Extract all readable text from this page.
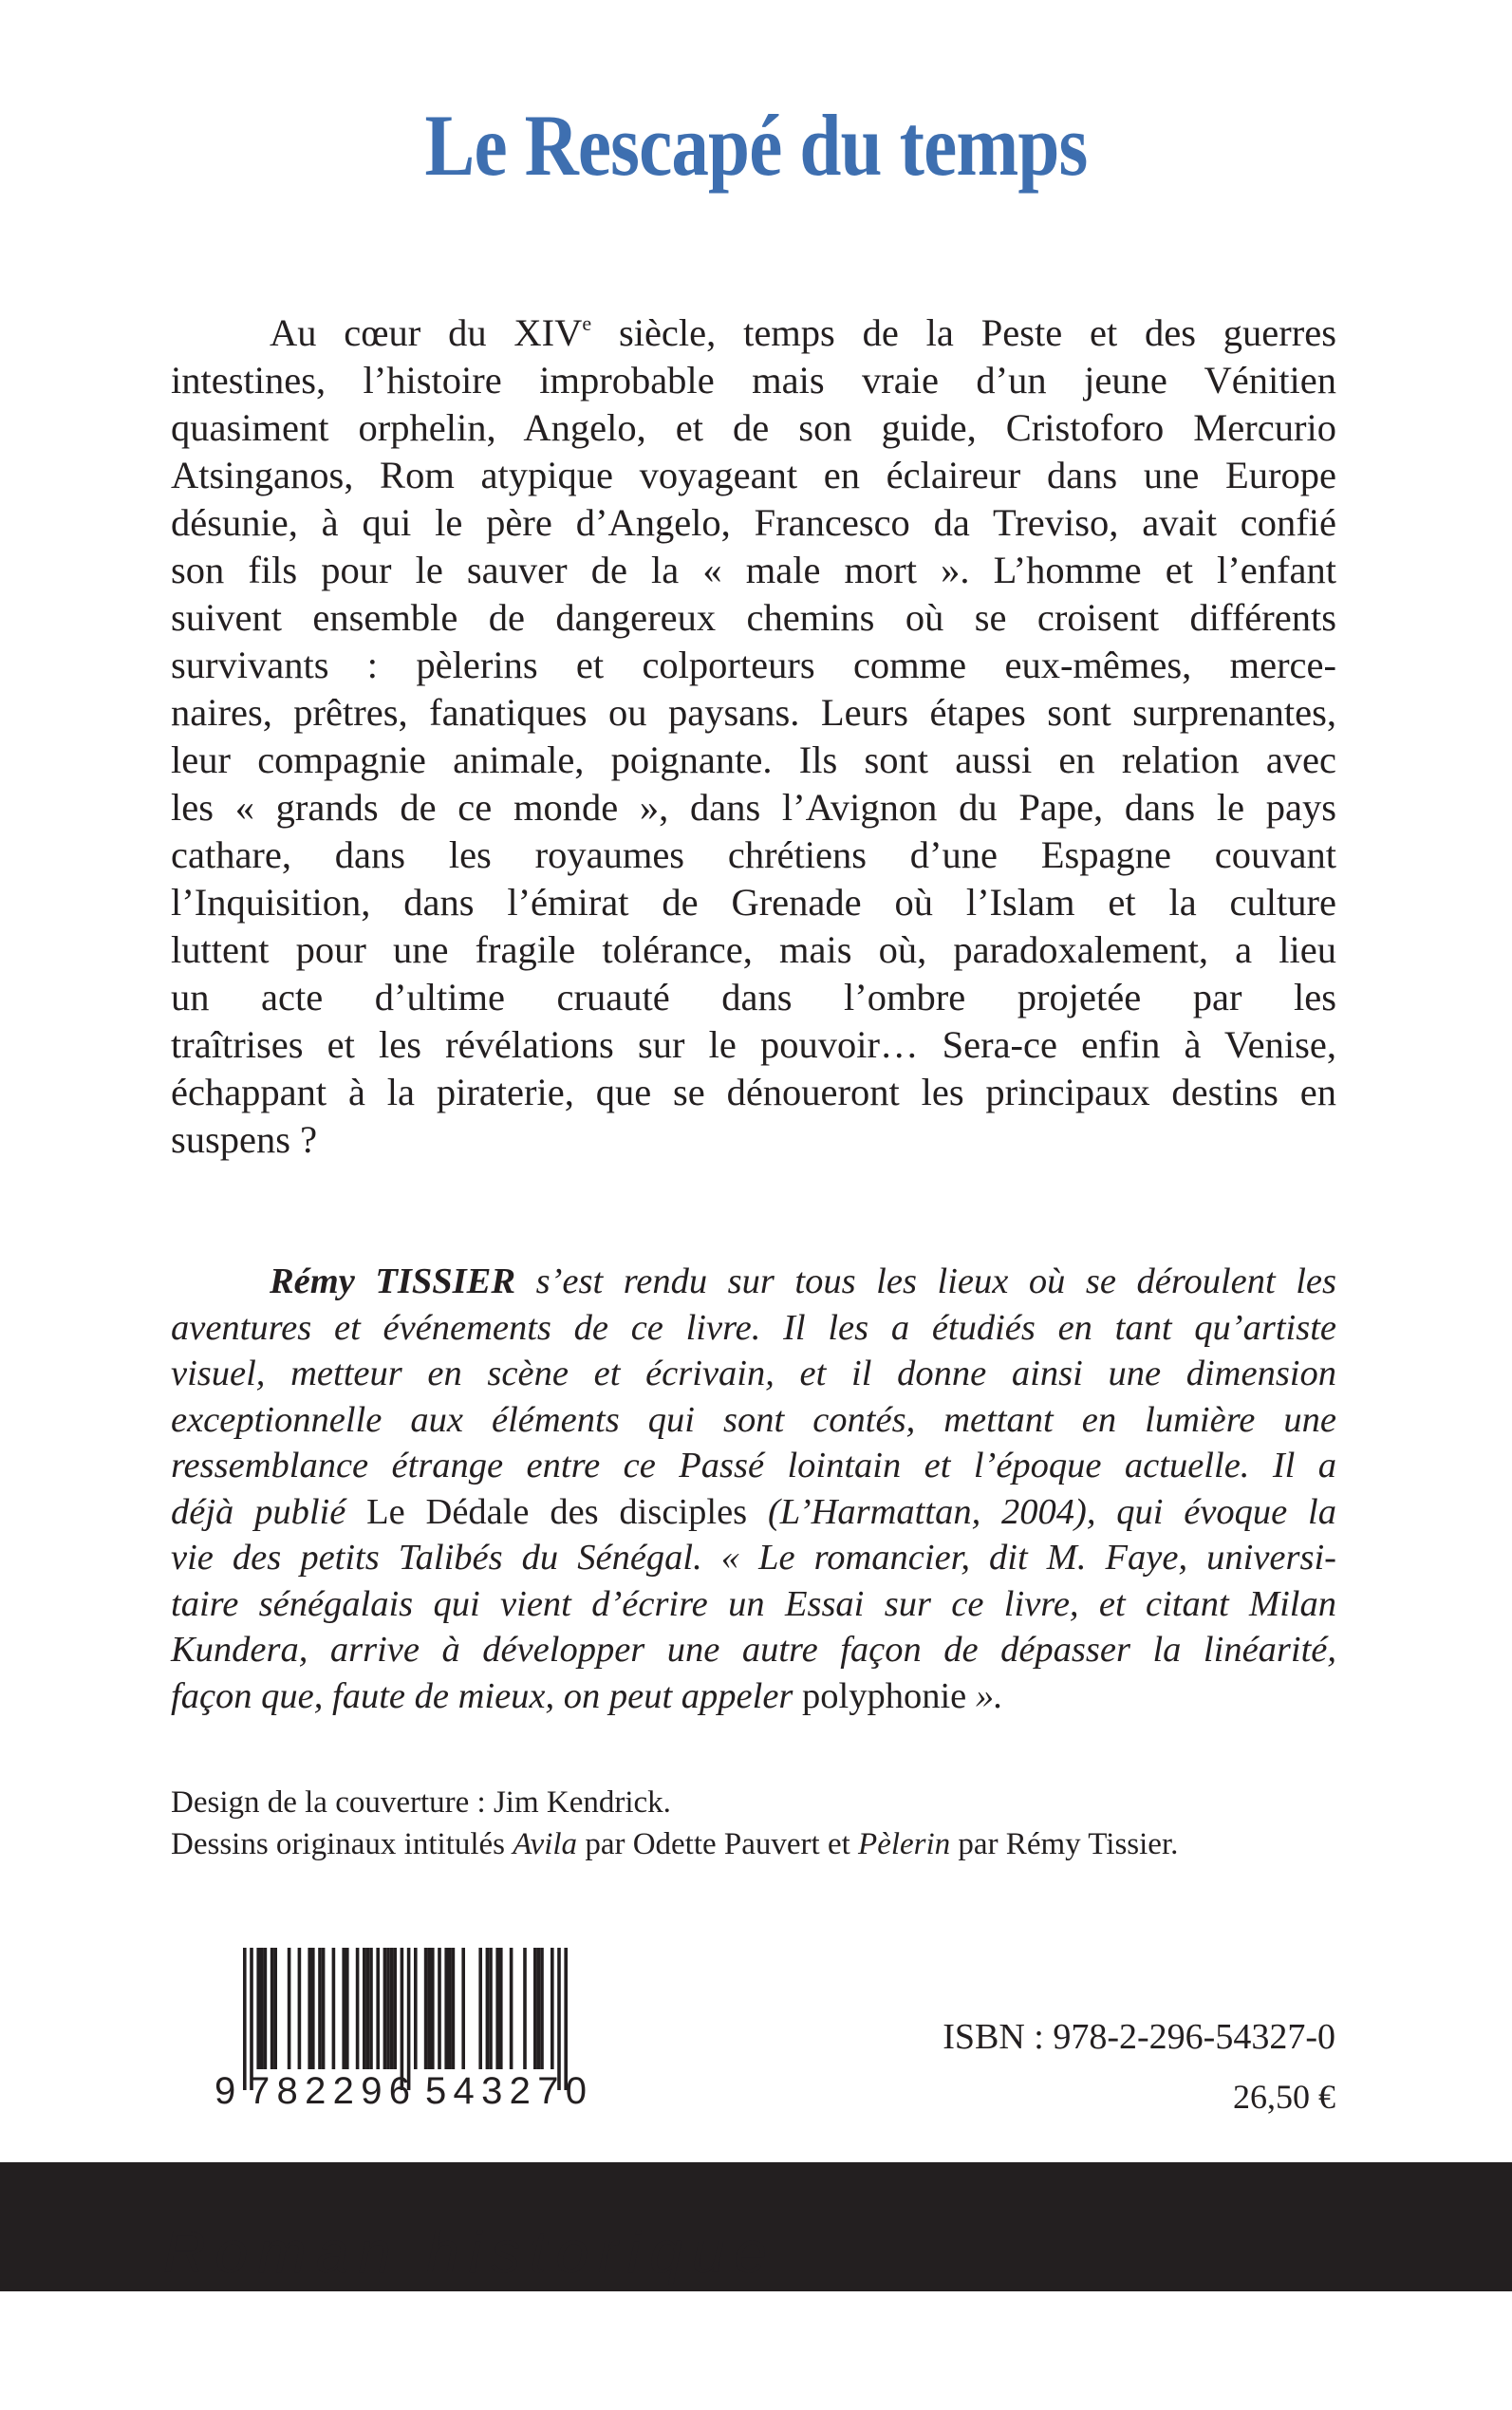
Le Rescapé du temps
Au cœur du XIVe siècle, temps de la Peste et des guerres
intestines, l’histoire improbable mais vraie d’un jeune Vénitien
quasiment orphelin, Angelo, et de son guide, Cristoforo Mercurio
Atsinganos, Rom atypique voyageant en éclaireur dans une Europe
désunie, à qui le père d’Angelo, Francesco da Treviso, avait confié
son fils pour le sauver de la « male mort ». L’homme et l’enfant
suivent ensemble de dangereux chemins où se croisent différents
survivants : pèlerins et colporteurs comme eux-mêmes, merce-
naires, prêtres, fanatiques ou paysans. Leurs étapes sont surprenantes,
leur compagnie animale, poignante. Ils sont aussi en relation avec
les « grands de ce monde », dans l’Avignon du Pape, dans le pays
cathare, dans les royaumes chrétiens d’une Espagne couvant
l’Inquisition, dans l’émirat de Grenade où l’Islam et la culture
luttent pour une fragile tolérance, mais où, paradoxalement, a lieu
un acte d’ultime cruauté dans l’ombre projetée par les
traîtrises et les révélations sur le pouvoir… Sera-ce enfin à Venise,
échappant à la piraterie, que se dénoueront les principaux destins en
suspens ?
Rémy TISSIER s’est rendu sur tous les lieux où se déroulent les
aventures et événements de ce livre. Il les a étudiés en tant qu’artiste
visuel, metteur en scène et écrivain, et il donne ainsi une dimension
exceptionnelle aux éléments qui sont contés, mettant en lumière une
ressemblance étrange entre ce Passé lointain et l’époque actuelle. Il a
déjà publié Le Dédale des disciples (L’Harmattan, 2004), qui évoque la
vie des petits Talibés du Sénégal. « Le romancier, dit M. Faye, universi-
taire sénégalais qui vient d’écrire un Essai sur ce livre, et citant Milan
Kundera, arrive à développer une autre façon de dépasser la linéarité,
façon que, faute de mieux, on peut appeler polyphonie ».
Design de la couverture : Jim Kendrick.
Dessins originaux intitulés Avila par Odette Pauvert et Pèlerin par Rémy Tissier.
9 782296 543270
ISBN : 978-2-296-54327-0
26,50 €
Roman historique
